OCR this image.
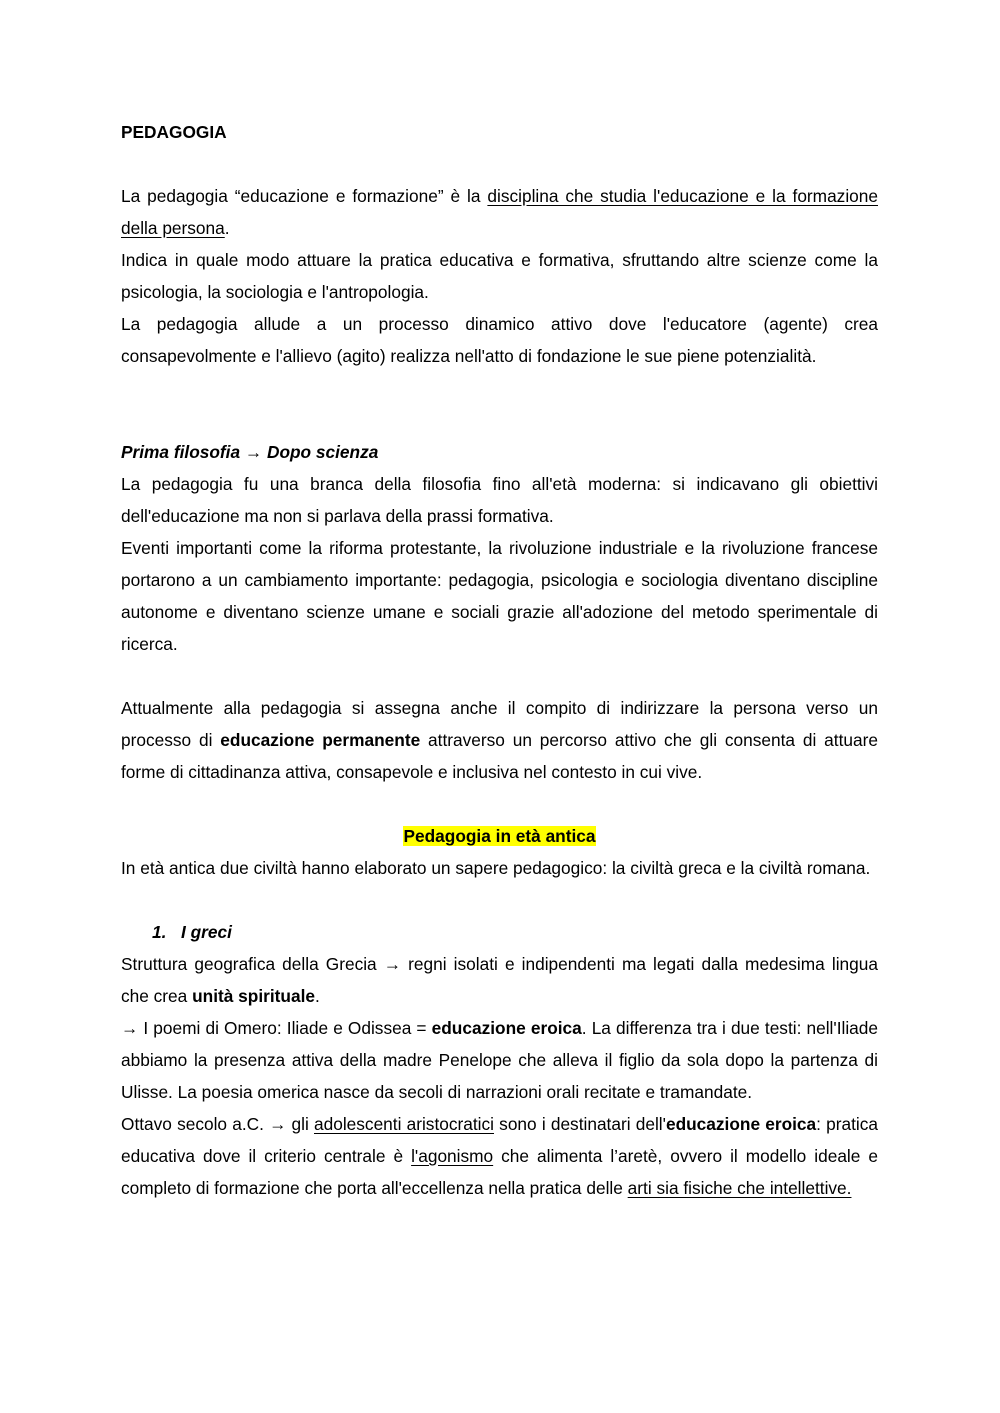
PEDAGOGIA

La pedagogia “educazione e formazione” è la disciplina che studia l'educazione e la formazione della persona.

Indica in quale modo attuare la pratica educativa e formativa, sfruttando altre scienze come la psicologia, la sociologia e l'antropologia.

La pedagogia allude a un processo dinamico attivo dove l'educatore (agente) crea consapevolmente e l'allievo (agito) realizza nell'atto di fondazione le sue piene potenzialità.

Prima filosofia → Dopo scienza

La pedagogia fu una branca della filosofia fino all'età moderna: si indicavano gli obiettivi dell'educazione ma non si parlava della prassi formativa.

Eventi importanti come la riforma protestante, la rivoluzione industriale e la rivoluzione francese portarono a un cambiamento importante: pedagogia, psicologia e sociologia diventano discipline autonome e diventano scienze umane e sociali grazie all'adozione del metodo sperimentale di ricerca.

Attualmente alla pedagogia si assegna anche il compito di indirizzare la persona verso un processo di educazione permanente attraverso un percorso attivo che gli consenta di attuare forme di cittadinanza attiva, consapevole e inclusiva nel contesto in cui vive.

Pedagogia in età antica

In età antica due civiltà hanno elaborato un sapere pedagogico: la civiltà greca e la civiltà romana.

1. I greci

Struttura geografica della Grecia → regni isolati e indipendenti ma legati dalla medesima lingua che crea unità spirituale.

→ I poemi di Omero: Iliade e Odissea = educazione eroica. La differenza tra i due testi: nell'Iliade abbiamo la presenza attiva della madre Penelope che alleva il figlio da sola dopo la partenza di Ulisse. La poesia omerica nasce da secoli di narrazioni orali recitate e tramandate.

Ottavo secolo a.C. → gli adolescenti aristocratici sono i destinatari dell'educazione eroica: pratica educativa dove il criterio centrale è l'agonismo che alimenta l’aretè, ovvero il modello ideale e completo di formazione che porta all'eccellenza nella pratica delle arti sia fisiche che intellettive.
